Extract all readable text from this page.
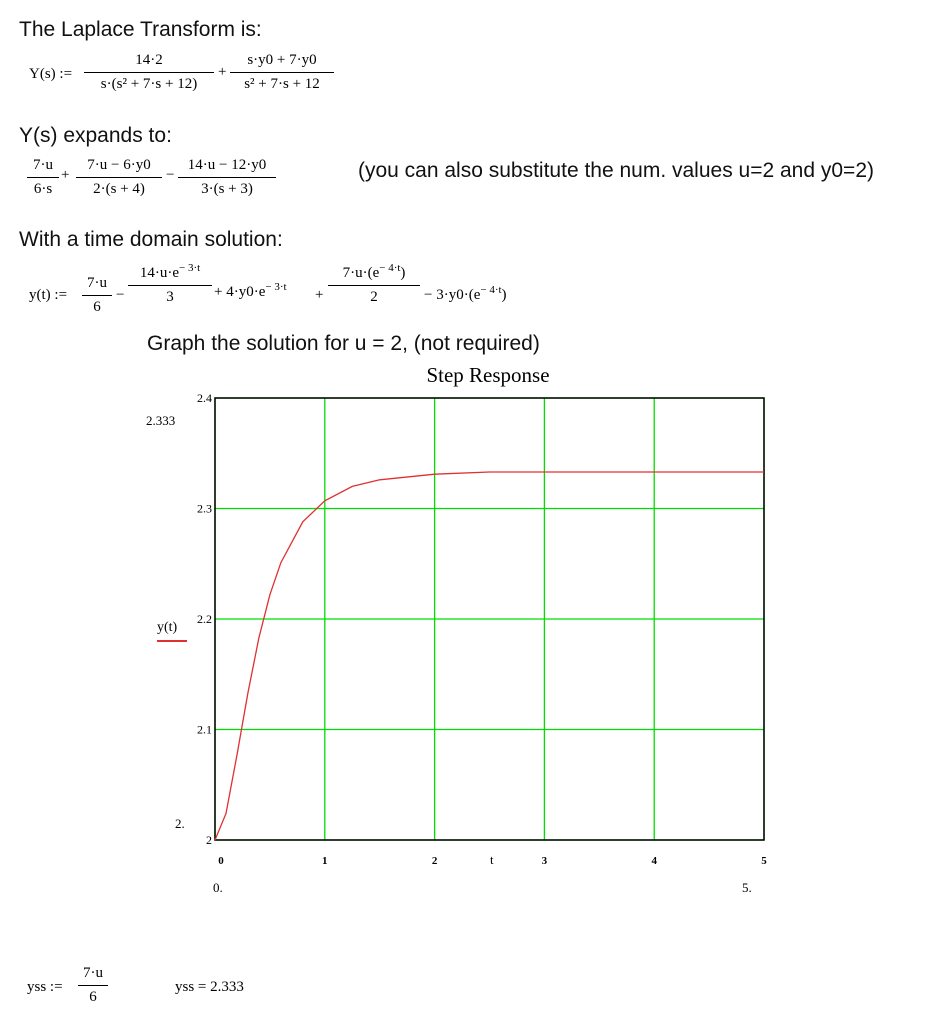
The Laplace Transform is:
Y(s) :=
14·2
s·(s² + 7·s + 12)
+
s·y0 + 7·y0
s² + 7·s + 12
Y(s) expands to:
7·u
6·s
+
7·u − 6·y0
2·(s + 4)
−
14·u − 12·y0
3·(s + 3)
(you can also substitute the num. values u=2 and y0=2)
With a time domain solution:
y(t) :=
7·u
6
−
$14\cdot u\cdot e^{- 3\cdot t}$
3	+ $4\cdot y0\cdot e^{- 3\cdot t}$ +
$7\cdot u\cdot(e^{- 4\cdot t})$
2	− $3\cdot y0\cdot(e^{- 4\cdot t})$
Graph the solution for u = 2, (not required)
Step Response
0	1	2	3	4	5
2
2.1
2.2
2.3
2.4
y(t)
t
2.333
2.
0.	5.
yss :=
7·u
6
yss = 2.333
